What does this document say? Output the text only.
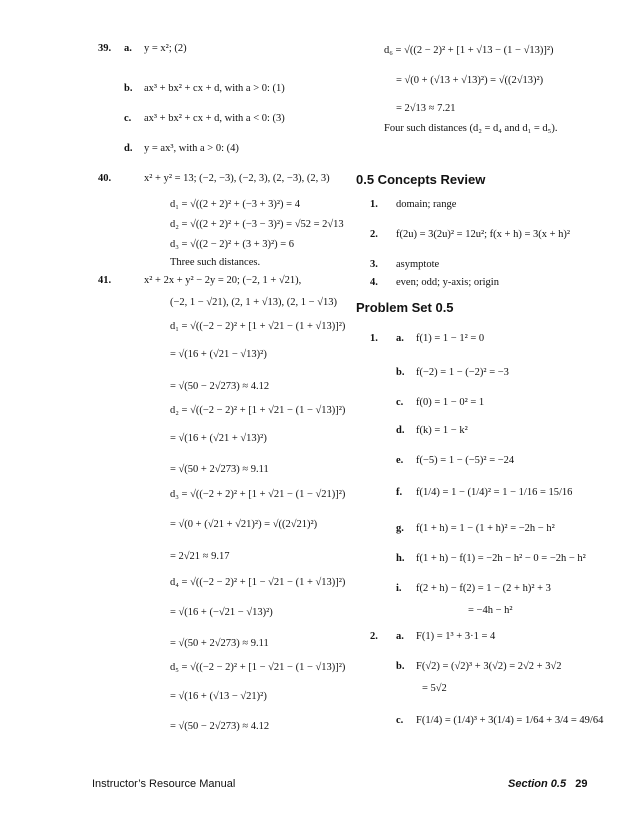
39. a. y = x²; (2)
b. ax³ + bx² + cx + d, with a > 0: (1)
c. ax³ + bx² + cx + d, with a < 0: (3)
d. y = ax³, with a > 0: (4)
40.	x² + y² = 13; (−2, −3), (−2, 3), (2, −3), (2, 3)
d₁ = √((2 + 2)² + (−3 + 3)²) = 4
d₂ = √((2 + 2)² + (−3 − 3)²) = √52 = 2√13
d₃ = √((2 − 2)² + (3 + 3)²) = 6
Three such distances.
41.	x² + 2x + y² − 2y = 20; (−2, 1 + √21),
(−2, 1 − √21), (2, 1 + √13), (2, 1 − √13)
d₁ = √((−2 − 2)² + [1 + √21 − (1 + √13)]²)
= √(16 + (√21 − √13)²)
= √(50 − 2√273) ≈ 4.12
d₂ = √((−2 − 2)² + [1 + √21 − (1 − √13)]²)
= √(16 + (√21 + √13)²)
= √(50 + 2√273) ≈ 9.11
d₃ = √((−2 + 2)² + [1 + √21 − (1 − √21)]²)
= √(0 + (√21 + √21)²) = √((2√21)²)
= 2√21 ≈ 9.17
d₄ = √((−2 − 2)² + [1 − √21 − (1 + √13)]²)
= √(16 + (−√21 − √13)²)
= √(50 + 2√273) ≈ 9.11
d₅ = √((−2 − 2)² + [1 − √21 − (1 − √13)]²)
= √(16 + (√13 − √21)²)
= √(50 − 2√273) ≈ 4.12
d₆ = √((2 − 2)² + [1 + √13 − (1 − √13)]²)
= √(0 + (√13 + √13)²) = √((2√13)²)
= 2√13 ≈ 7.21
Four such distances (d₂ = d₄ and d₁ = d₅).
0.5 Concepts Review
Problem Set 0.5
1. domain; range
2. f(2u) = 3(2u)² = 12u²; f(x + h) = 3(x + h)²
3. asymptote
4. even; odd; y-axis; origin
1. a. f(1) = 1 − 1² = 0
b. f(−2) = 1 − (−2)² = −3
c. f(0) = 1 − 0² = 1
d. f(k) = 1 − k²
e. f(−5) = 1 − (−5)² = −24
f. f(1/4) = 1 − (1/4)² = 1 − 1/16 = 15/16
g. f(1 + h) = 1 − (1 + h)² = −2h − h²
h. f(1 + h) − f(1) = −2h − h² − 0 = −2h − h²
i. f(2 + h) − f(2) = 1 − (2 + h)² + 3
= −4h − h²
2. a. F(1) = 1³ + 3·1 = 4
b. F(√2) = (√2)³ + 3(√2) = 2√2 + 3√2
= 5√2
c. F(1/4) = (1/4)³ + 3(1/4) = 1/64 + 3/4 = 49/64
Instructor’s Resource Manual	Section 0.5 29
